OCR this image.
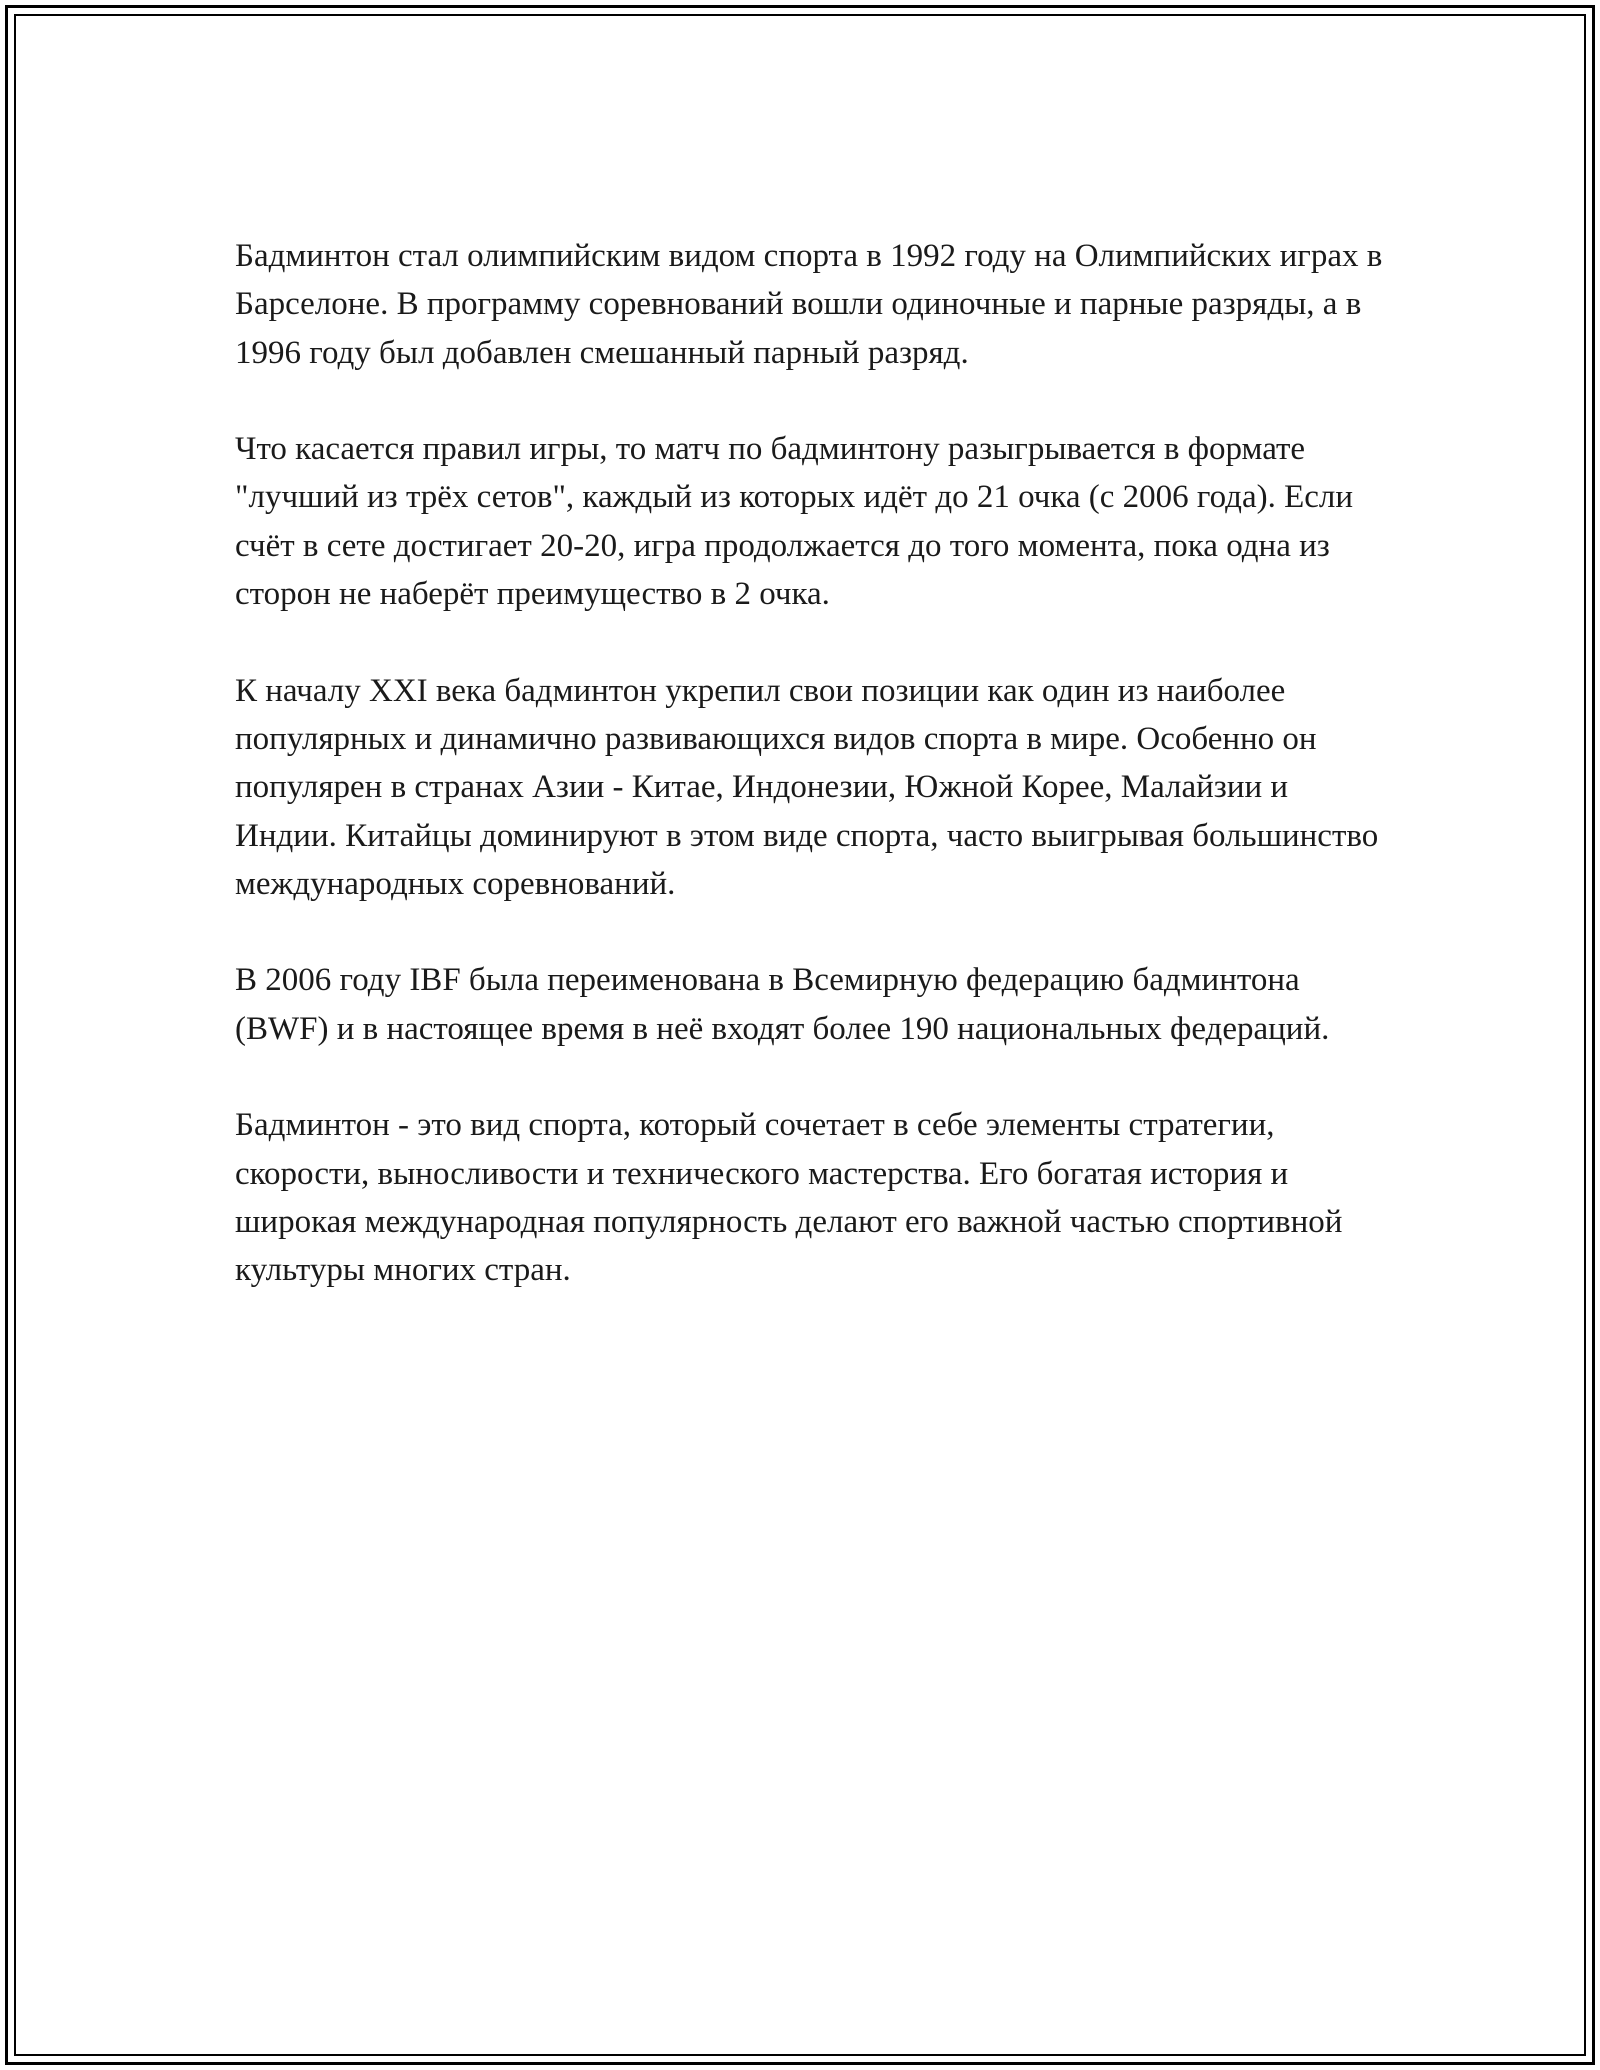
Бадминтон стал олимпийским видом спорта в 1992 году на Олимпийских играх в Барселоне. В программу соревнований вошли одиночные и парные разряды, а в 1996 году был добавлен смешанный парный разряд.

Что касается правил игры, то матч по бадминтону разыгрывается в формате "лучший из трёх сетов", каждый из которых идёт до 21 очка (с 2006 года). Если счёт в сете достигает 20-20, игра продолжается до того момента, пока одна из сторон не наберёт преимущество в 2 очка.

К началу XXI века бадминтон укрепил свои позиции как один из наиболее популярных и динамично развивающихся видов спорта в мире. Особенно он популярен в странах Азии - Китае, Индонезии, Южной Корее, Малайзии и Индии. Китайцы доминируют в этом виде спорта, часто выигрывая большинство международных соревнований.

В 2006 году IBF была переименована в Всемирную федерацию бадминтона (BWF) и в настоящее время в неё входят более 190 национальных федераций.

Бадминтон - это вид спорта, который сочетает в себе элементы стратегии, скорости, выносливости и технического мастерства. Его богатая история и широкая международная популярность делают его важной частью спортивной культуры многих стран.
